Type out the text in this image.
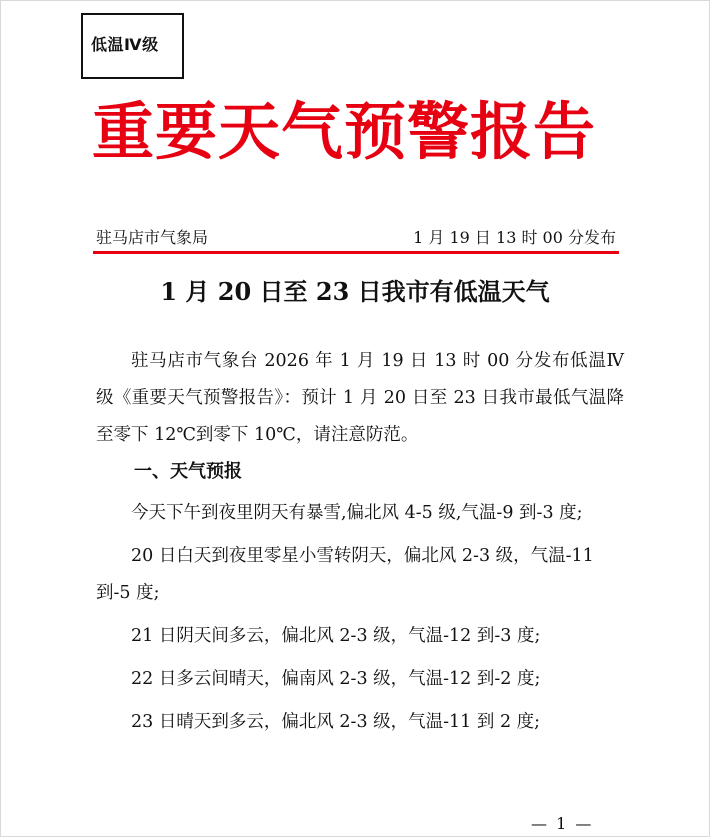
低温Ⅳ级
重要天气预警报告
驻马店市气象局	1 月 19 日 13 时 00 分发布
1 月 20 日至 23 日我市有低温天气
驻马店市气象台 2026 年 1 月 19 日 13 时 00 分发布低温Ⅳ级《重要天气预警报告》：预计 1 月 20 日至 23 日我市最低气温降至零下 12℃到零下 10℃，请注意防范。
一、天气预报
今天下午到夜里阴天有暴雪,偏北风 4-5 级,气温-9 到-3 度;
20 日白天到夜里零星小雪转阴天，偏北风 2-3 级，气温-11 到-5 度;
21 日阴天间多云，偏北风 2-3 级，气温-12 到-3 度;
22 日多云间晴天，偏南风 2-3 级，气温-12 到-2 度;
23 日晴天到多云，偏北风 2-3 级，气温-11 到 2 度;
— 1 —
